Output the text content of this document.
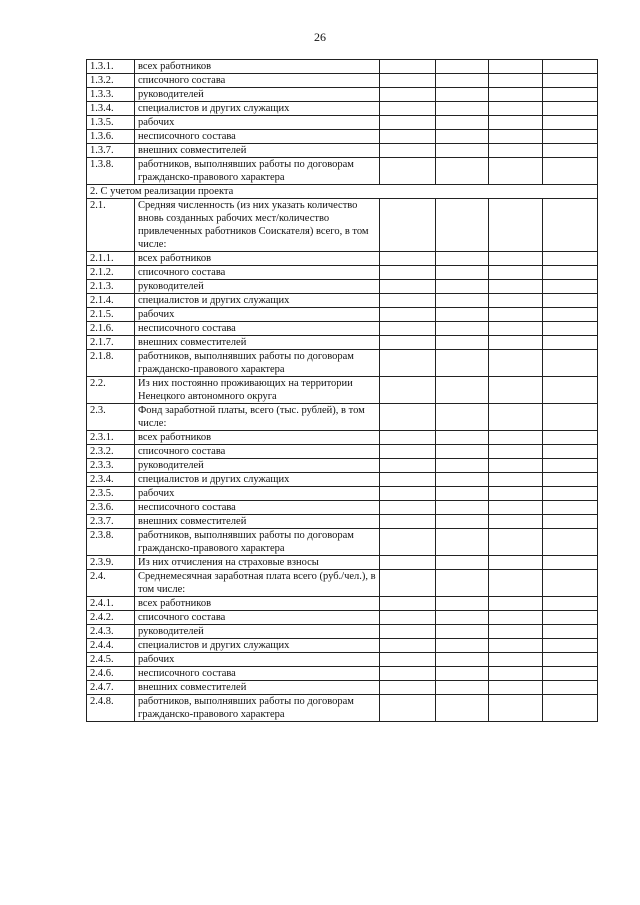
26
1.3.1.	всех работников				
1.3.2.	списочного состава				
1.3.3.	руководителей				
1.3.4.	специалистов и других служащих				
1.3.5.	рабочих				
1.3.6.	несписочного состава				
1.3.7.	внешних совместителей				
1.3.8.	работников, выполнявших работы по договорам гражданско-правового характера				
2. С учетом реализации проекта					
2.1.	Средняя численность (из них указать количество вновь созданных рабочих мест/количество привлеченных работников Соискателя) всего, в том числе:				
2.1.1.	всех работников				
2.1.2.	списочного состава				
2.1.3.	руководителей				
2.1.4.	специалистов и других служащих				
2.1.5.	рабочих				
2.1.6.	несписочного состава				
2.1.7.	внешних совместителей				
2.1.8.	работников, выполнявших работы по договорам гражданско-правового характера				
2.2.	Из них постоянно проживающих на территории Ненецкого автономного округа				
2.3.	Фонд заработной платы, всего (тыс. рублей), в том числе:				
2.3.1.	всех работников				
2.3.2.	списочного состава				
2.3.3.	руководителей				
2.3.4.	специалистов и других служащих				
2.3.5.	рабочих				
2.3.6.	несписочного состава				
2.3.7.	внешних совместителей				
2.3.8.	работников, выполнявших работы по договорам гражданско-правового характера				
2.3.9.	Из них отчисления на страховые взносы				
2.4.	Среднемесячная заработная плата всего (руб./чел.), в том числе:				
2.4.1.	всех работников				
2.4.2.	списочного состава				
2.4.3.	руководителей				
2.4.4.	специалистов и других служащих				
2.4.5.	рабочих				
2.4.6.	несписочного состава				
2.4.7.	внешних совместителей				
2.4.8.	работников, выполнявших работы по договорам гражданско-правового характера				
